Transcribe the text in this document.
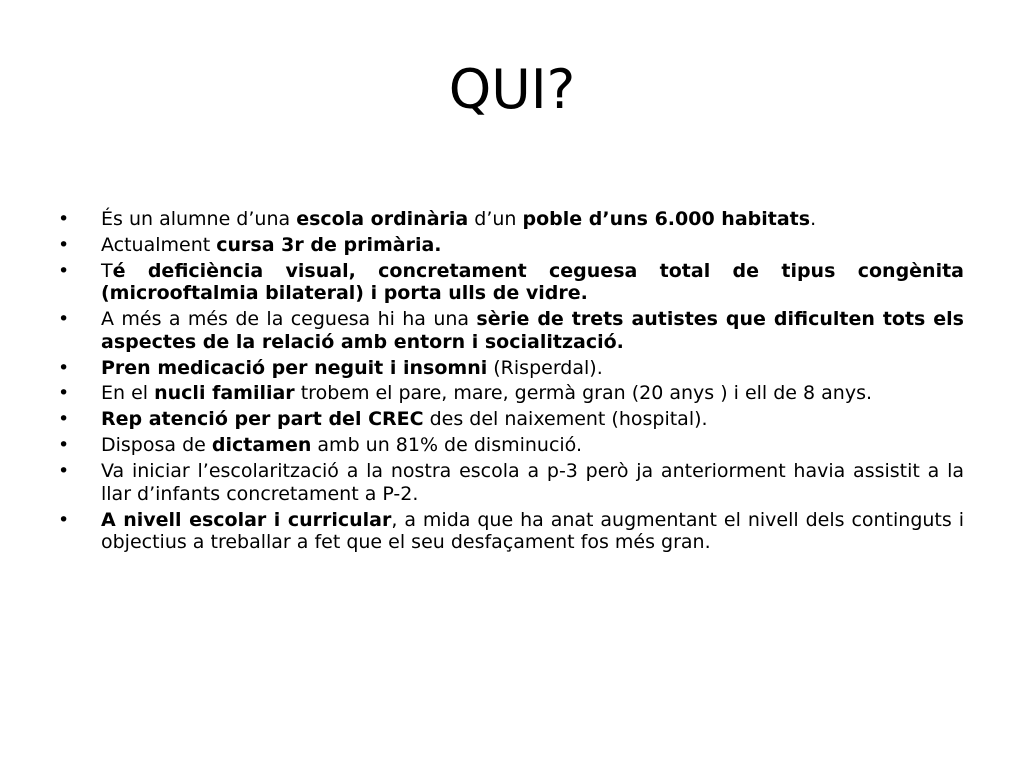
QUI?
•	És un alumne d’una escola ordinària d’un poble d’uns 6.000 habitats.
•	Actualment cursa 3r de primària.
•	Té deficiència visual, concretament ceguesa total de tipus congènita (microoftalmia bilateral) i porta ulls de vidre.
•	A més a més de la ceguesa hi ha una sèrie de trets autistes que dificulten tots els aspectes de la relació amb entorn i socialització.
•	Pren medicació per neguit i insomni (Risperdal).
•	En el nucli familiar trobem el pare, mare, germà gran (20 anys ) i ell de 8 anys.
•	Rep atenció per part del CREC des del naixement (hospital).
•	Disposa de dictamen amb un 81% de disminució.
•	Va iniciar l’escolarització a la nostra escola a p-3 però ja anteriorment havia assistit a la llar d’infants concretament a P-2.
•	A nivell escolar i curricular, a mida que ha anat augmentant el nivell dels continguts i objectius a treballar a fet que el seu desfaçament fos més gran.
